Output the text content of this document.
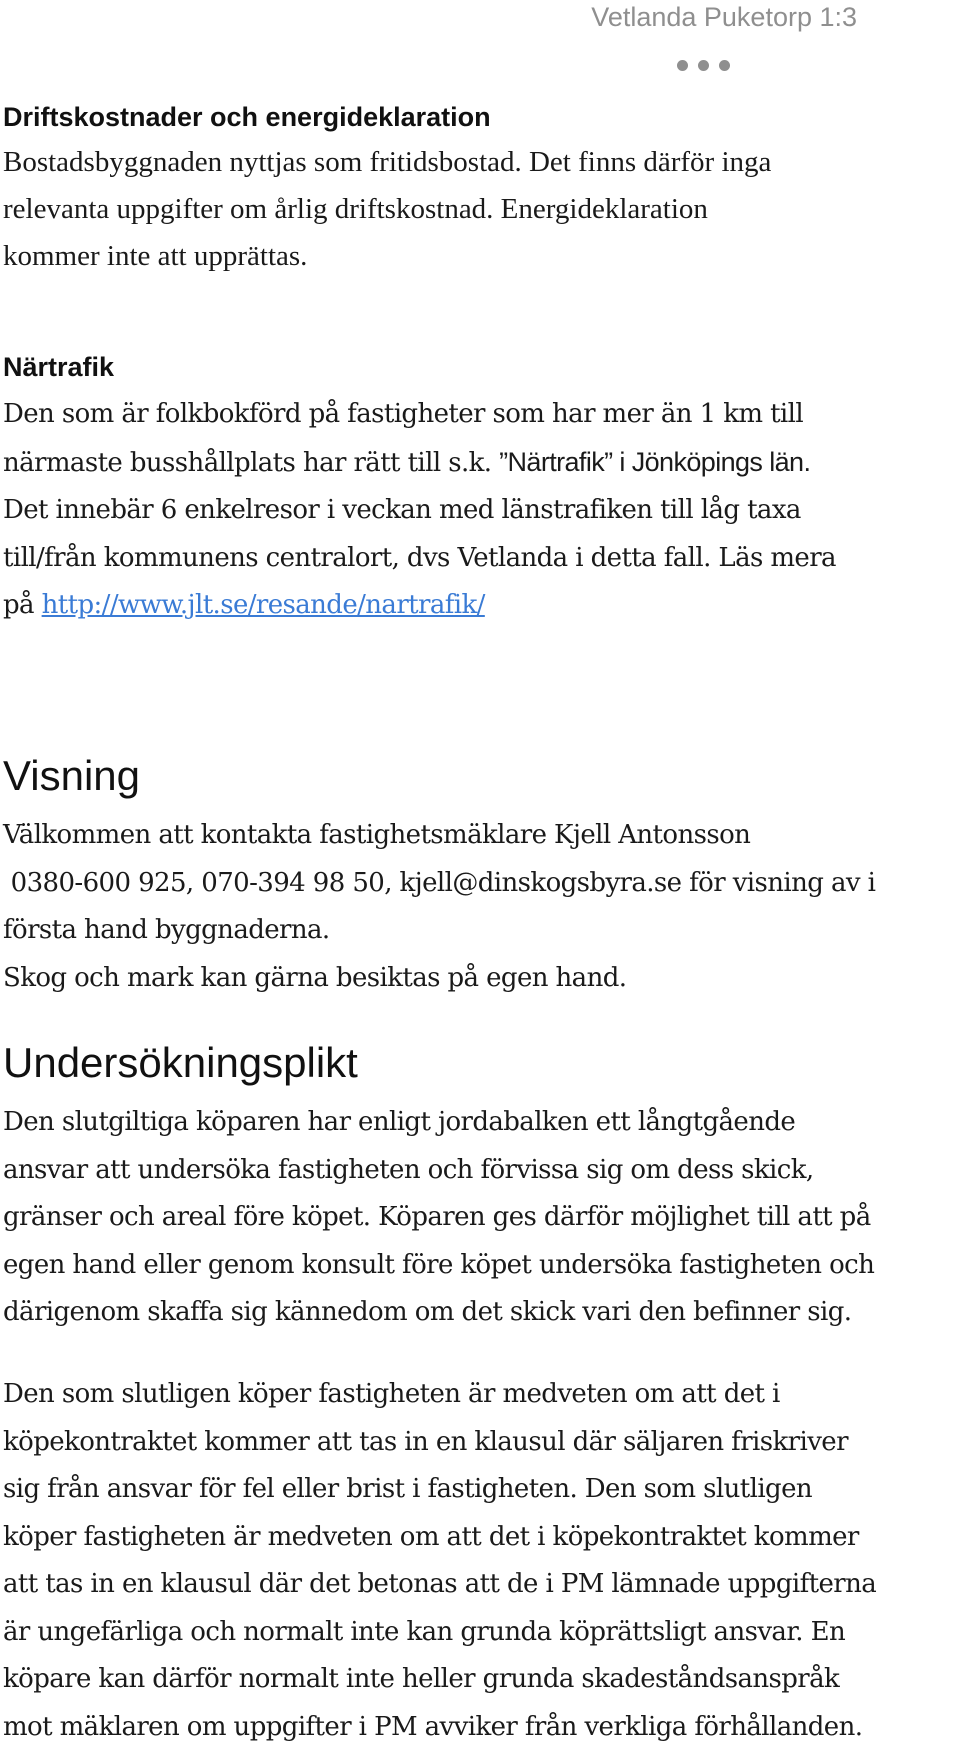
Vetlanda Puketorp 1:3
Driftskostnader och energideklaration
Bostadsbyggnaden nyttjas som fritidsbostad. Det finns därför inga
relevanta uppgifter om årlig driftskostnad. Energideklaration
kommer inte att upprättas.
Närtrafik
Den som är folkbokförd på fastigheter som har mer än 1 km till
närmaste busshållplats har rätt till s.k. ”Närtrafik” i Jönköpings län.
Det innebär 6 enkelresor i veckan med länstrafiken till låg taxa
till/från kommunens centralort, dvs Vetlanda i detta fall. Läs mera
på http://www.jlt.se/resande/nartrafik/
Visning
Välkommen att kontakta fastighetsmäklare Kjell Antonsson
0380-600 925, 070-394 98 50, kjell@dinskogsbyra.se för visning av i
första hand byggnaderna.
Skog och mark kan gärna besiktas på egen hand.
Undersökningsplikt
Den slutgiltiga köparen har enligt jordabalken ett långtgående
ansvar att undersöka fastigheten och förvissa sig om dess skick,
gränser och areal före köpet. Köparen ges därför möjlighet till att på
egen hand eller genom konsult före köpet undersöka fastigheten och
därigenom skaffa sig kännedom om det skick vari den befinner sig.
Den som slutligen köper fastigheten är medveten om att det i
köpekontraktet kommer att tas in en klausul där säljaren friskriver
sig från ansvar för fel eller brist i fastigheten. Den som slutligen
köper fastigheten är medveten om att det i köpekontraktet kommer
att tas in en klausul där det betonas att de i PM lämnade uppgifterna
är ungefärliga och normalt inte kan grunda köprättsligt ansvar. En
köpare kan därför normalt inte heller grunda skadeståndsanspråk
mot mäklaren om uppgifter i PM avviker från verkliga förhållanden.
